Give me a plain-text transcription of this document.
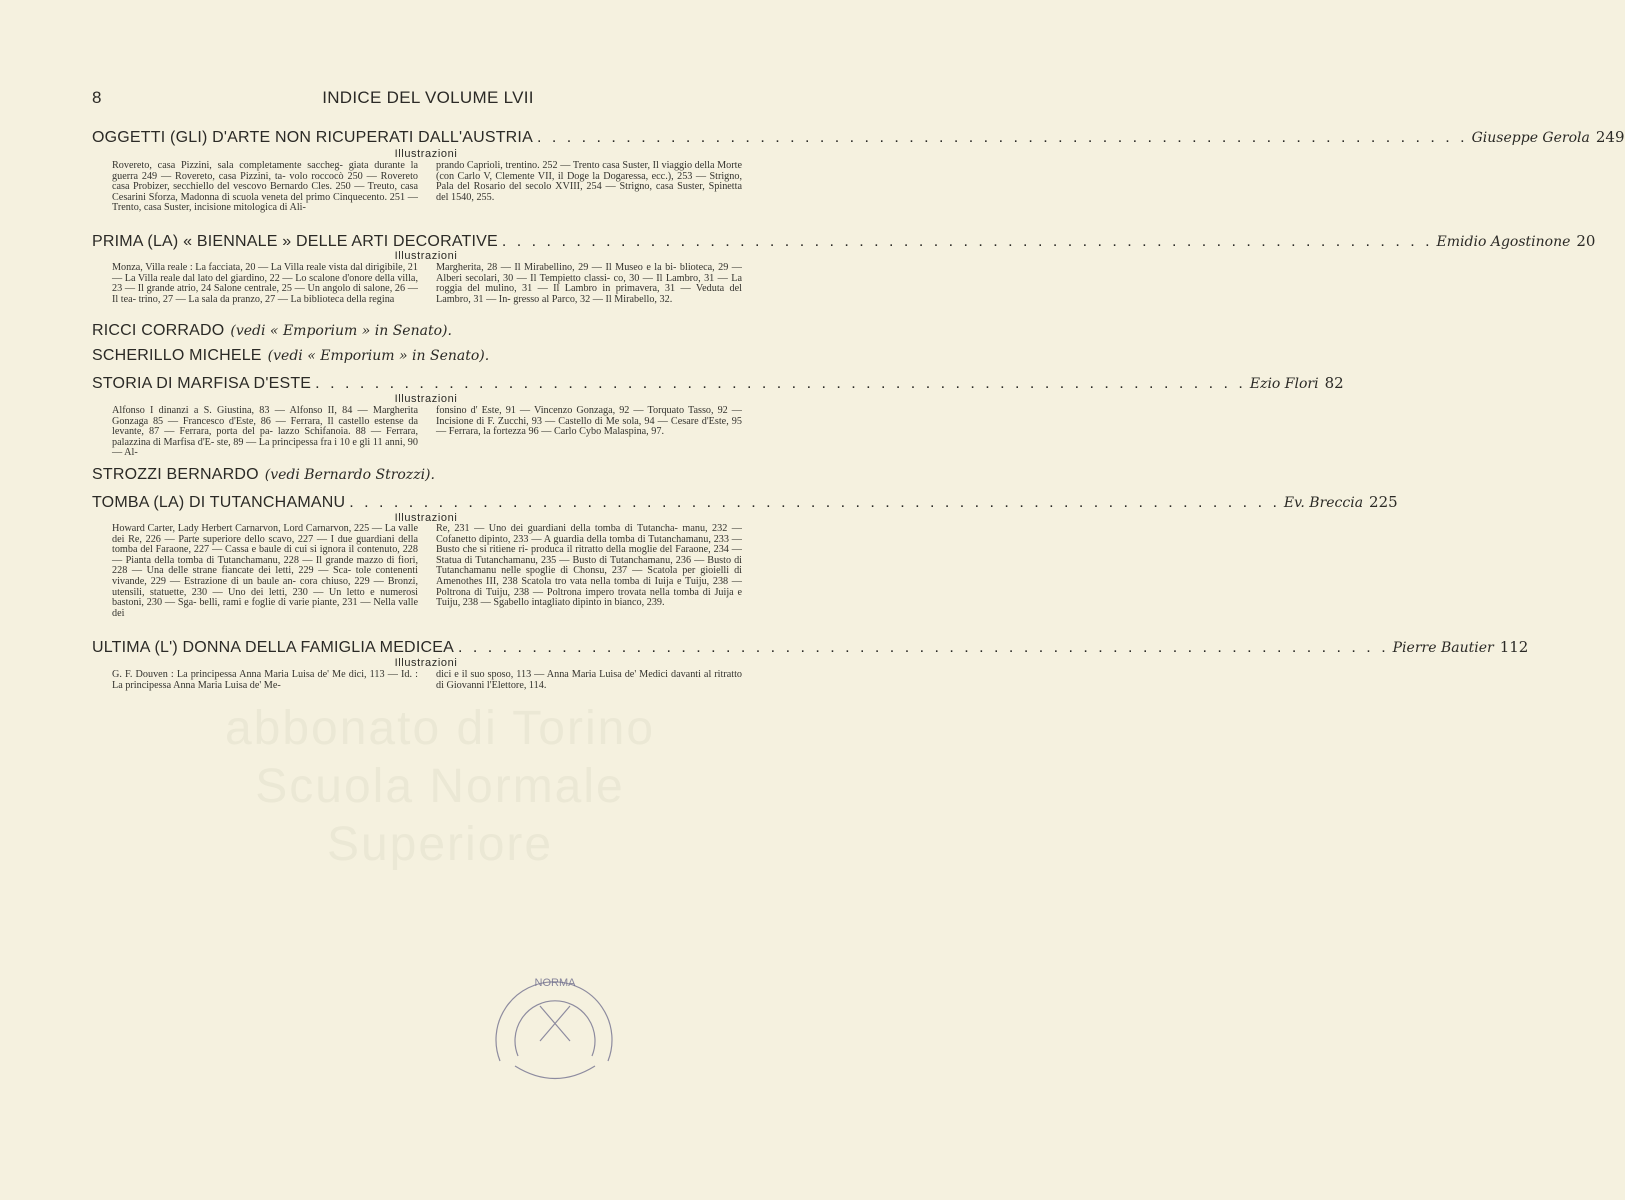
8	INDICE DEL VOLUME LVII
abbonato di Torino Scuola Normale Superiore
OGGETTI (GLI) D'ARTE NON RICUPERATI DALL'AUSTRIA . . . . . . . . . . . . . . . . . . . . . . . . . . . . . . . . . . . . . . . . . . . . . . . . . . . . . . . . . . . . . . . Giuseppe Gerola 249
Illustrazioni
Rovereto, casa Pizzini, sala completamente saccheg- giata durante la guerra 249 — Rovereto, casa Pizzini, ta- volo roccocò 250 — Rovereto casa Probizer, secchiello del vescovo Bernardo Cles. 250 — Treuto, casa Cesarini Sforza, Madonna di scuola veneta del primo Cinquecento. 251 — Trento, casa Suster, incisione mitologica di Ali-
prando Caprioli, trentino. 252 — Trento casa Suster, Il viaggio della Morte (con Carlo V, Clemente VII, il Doge la Dogaressa, ecc.), 253 — Strigno, Pala del Rosario del secolo XVIII, 254 — Strigno, casa Suster, Spinetta del 1540, 255.
PRIMA (LA) « BIENNALE » DELLE ARTI DECORATIVE . . . . . . . . . . . . . . . . . . . . . . . . . . . . . . . . . . . . . . . . . . . . . . . . . . . . . . . . . . . . . . . Emidio Agostinone 20
Illustrazioni
Monza, Villa reale : La facciata, 20 — La Villa reale vista dal dirigibile, 21 — La Villa reale dal lato del giardino, 22 — Lo scalone d'onore della villa, 23 — Il grande atrio, 24 Salone centrale, 25 — Un angolo di salone, 26 — Il tea- trino, 27 — La sala da pranzo, 27 — La biblioteca della regina
Margherita, 28 — Il Mirabellino, 29 — Il Museo e la bi- blioteca, 29 — Alberi secolari, 30 — Il Tempietto classi- co, 30 — Il Lambro, 31 — La roggia del mulino, 31 — Il Lambro in primavera, 31 — Veduta del Lambro, 31 — In- gresso al Parco, 32 — Il Mirabello, 32.
RICCI CORRADO (vedi « Emporium » in Senato).
SCHERILLO MICHELE (vedi « Emporium » in Senato).
STORIA DI MARFISA D'ESTE . . . . . . . . . . . . . . . . . . . . . . . . . . . . . . . . . . . . . . . . . . . . . . . . . . . . . . . . . . . . . . . Ezio Flori 82
Illustrazioni
Alfonso I dinanzi a S. Giustina, 83 — Alfonso II, 84 — Margherita Gonzaga 85 — Francesco d'Este, 86 — Ferrara, Il castello estense da levante, 87 — Ferrara, porta del pa- lazzo Schifanoia. 88 — Ferrara, palazzina di Marfisa d'E- ste, 89 — La principessa fra i 10 e gli 11 anni, 90 — Al-
fonsino d' Este, 91 — Vincenzo Gonzaga, 92 — Torquato Tasso, 92 — Incisione di F. Zucchi, 93 — Castello di Me sola, 94 — Cesare d'Este, 95 — Ferrara, la fortezza 96 — Carlo Cybo Malaspina, 97.
STROZZI BERNARDO (vedi Bernardo Strozzi).
TOMBA (LA) DI TUTANCHAMANU . . . . . . . . . . . . . . . . . . . . . . . . . . . . . . . . . . . . . . . . . . . . . . . . . . . . . . . . . . . . . . . Ev. Breccia 225
Illustrazioni
Howard Carter, Lady Herbert Carnarvon, Lord Carnarvon, 225 — La valle dei Re, 226 — Parte superiore dello scavo, 227 — I due guardiani della tomba del Faraone, 227 — Cassa e baule di cui si ignora il contenuto, 228 — Pianta della tomba di Tutanchamanu, 228 — Il grande mazzo di fiori, 228 — Una delle strane fiancate dei letti, 229 — Sca- tole contenenti vivande, 229 — Estrazione di un baule an- cora chiuso, 229 — Bronzi, utensili, statuette, 230 — Uno dei letti, 230 — Un letto e numerosi bastoni, 230 — Sga- belli, rami e foglie di varie piante, 231 — Nella valle dei
Re, 231 — Uno dei guardiani della tomba di Tutancha- manu, 232 — Cofanetto dipinto, 233 — A guardia della tomba di Tutanchamanu, 233 — Busto che si ritiene ri- produca il ritratto della moglie del Faraone, 234 — Statua di Tutanchamanu, 235 — Busto di Tutanchamanu, 236 — Busto di Tutanchamanu nelle spoglie di Chonsu, 237 — Scatola per gioielli di Amenothes III, 238 Scatola tro vata nella tomba di Iuija e Tuiju, 238 — Poltrona di Tuiju, 238 — Poltrona impero trovata nella tomba di Juija e Tuiju, 238 — Sgabello intagliato dipinto in bianco, 239.
ULTIMA (L') DONNA DELLA FAMIGLIA MEDICEA . . . . . . . . . . . . . . . . . . . . . . . . . . . . . . . . . . . . . . . . . . . . . . . . . . . . . . . . . . . . . . . Pierre Bautier 112
Illustrazioni
G. F. Douven : La principessa Anna Maria Luisa de' Me dici, 113 — Id. : La principessa Anna Maria Luisa de' Me-
dici e il suo sposo, 113 — Anna Maria Luisa de' Medici davanti al ritratto di Giovanni l'Elettore, 114.
NORMA
